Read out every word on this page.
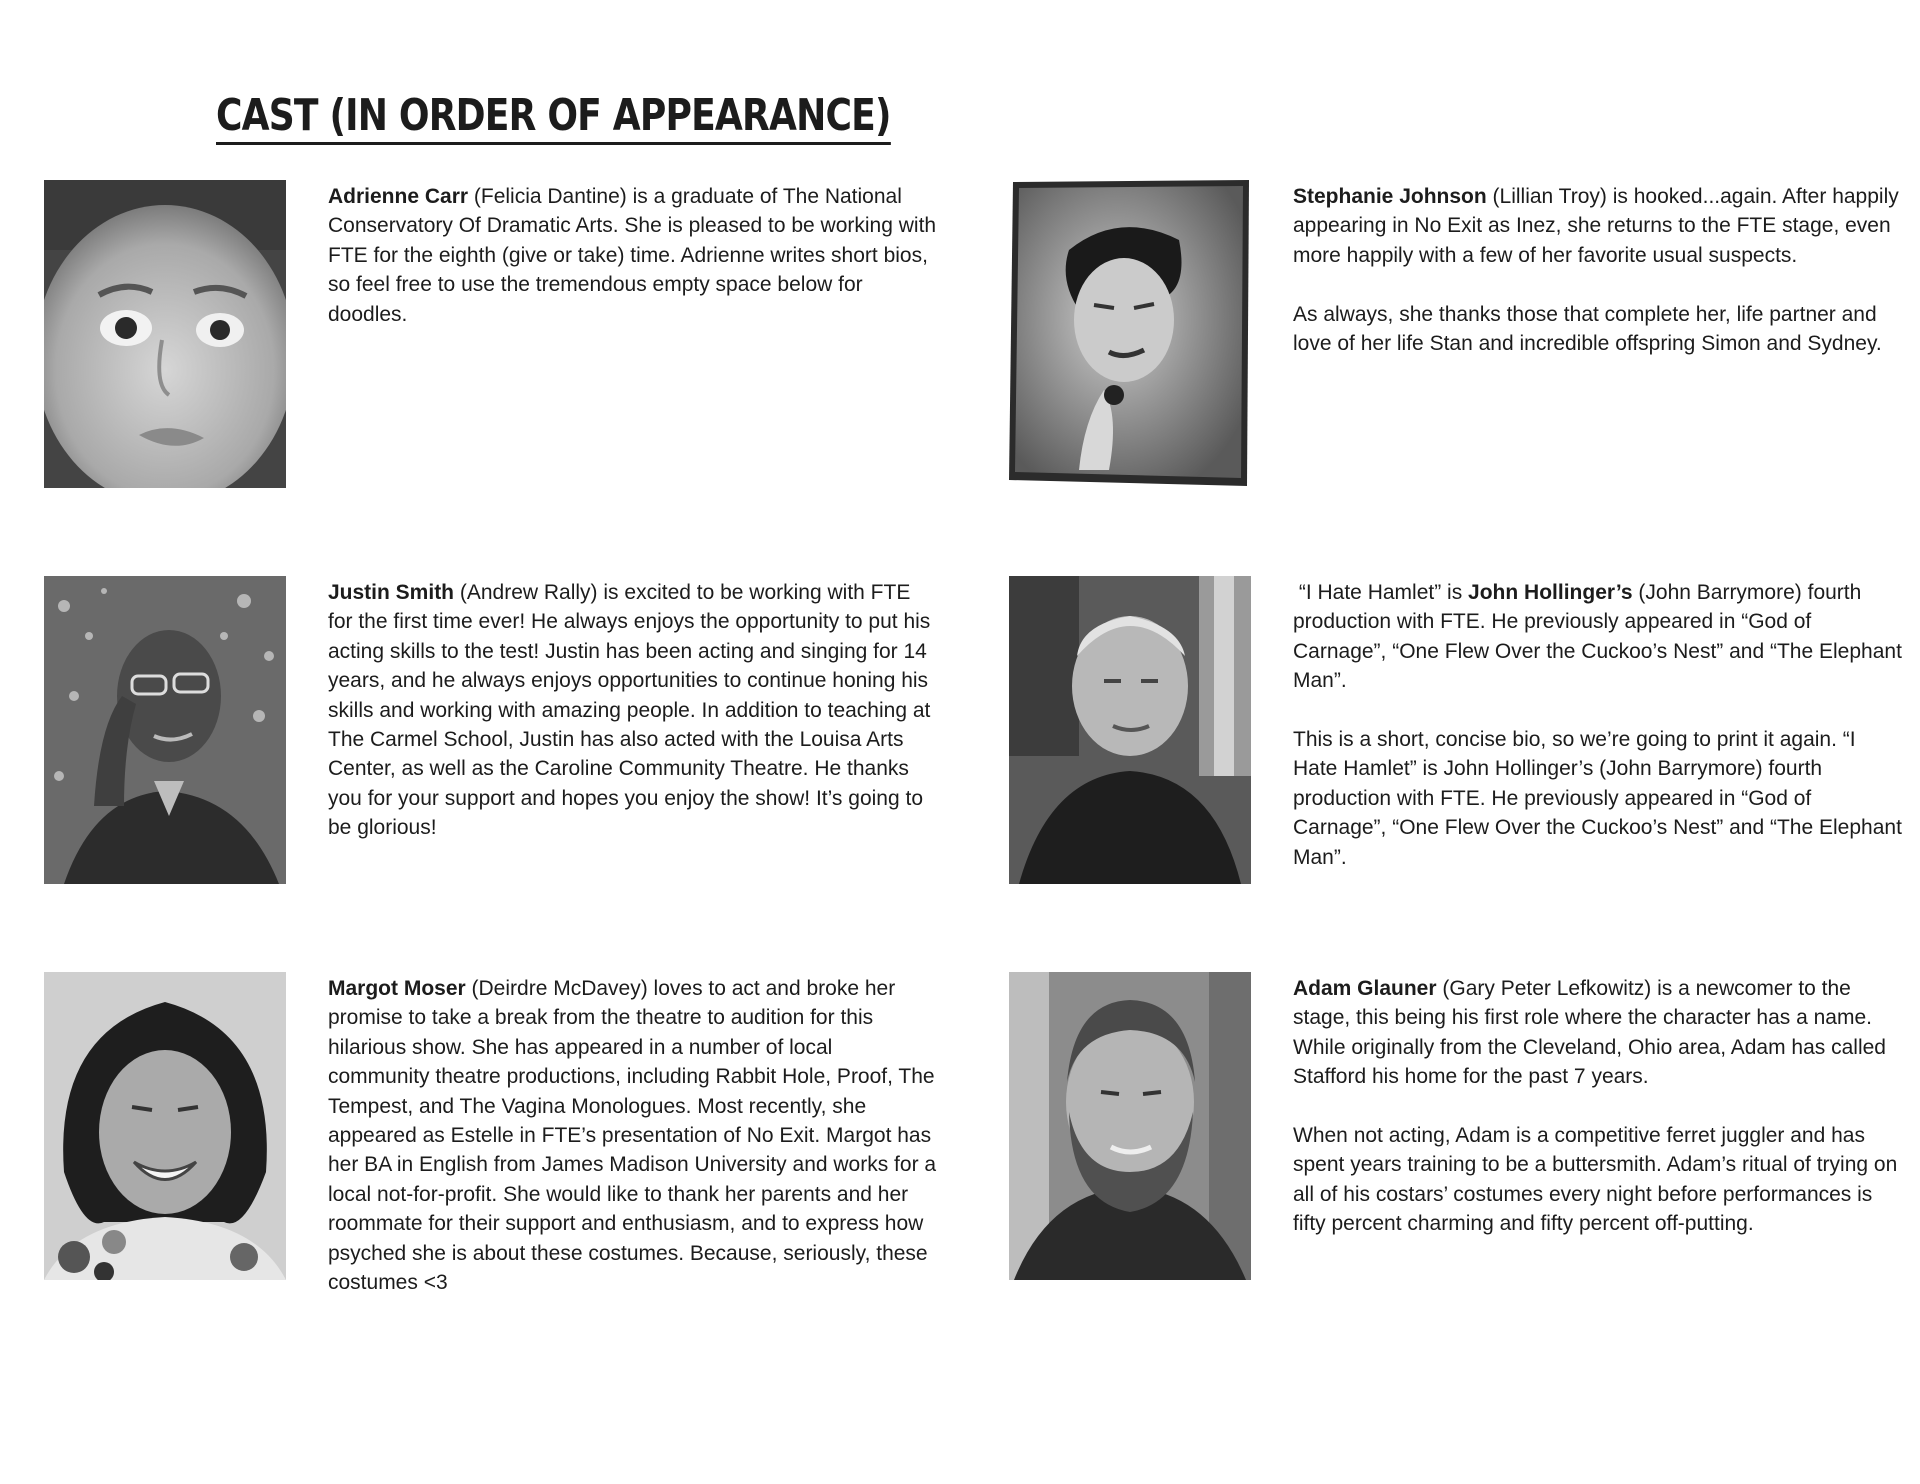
CAST (IN ORDER OF APPEARANCE)

Adrienne Carr (Felicia Dantine) is a graduate of The National Conservatory Of Dramatic Arts. She is pleased to be working with FTE for the eighth (give or take) time. Adrienne writes short bios, so feel free to use the tremendous empty space below for doodles.

Stephanie Johnson (Lillian Troy) is hooked...again. After happily appearing in No Exit as Inez, she returns to the FTE stage, even more happily with a few of her favorite usual suspects.

As always, she thanks those that complete her, life partner and love of her life Stan and incredible offspring Simon and Sydney.

Justin Smith (Andrew Rally) is excited to be working with FTE for the first time ever! He always enjoys the opportunity to put his acting skills to the test! Justin has been acting and singing for 14 years, and he always enjoys opportunities to continue honing his skills and working with amazing people. In addition to teaching at The Carmel School, Justin has also acted with the Louisa Arts Center, as well as the Caroline Community Theatre. He thanks you for your support and hopes you enjoy the show! It’s going to be glorious!

“I Hate Hamlet” is John Hollinger’s (John Barrymore) fourth production with FTE. He previously appeared in “God of Carnage”, “One Flew Over the Cuckoo’s Nest” and “The Elephant Man”.

This is a short, concise bio, so we’re going to print it again. “I Hate Hamlet” is John Hollinger’s (John Barrymore) fourth production with FTE. He previously appeared in “God of Carnage”, “One Flew Over the Cuckoo’s Nest” and “The Elephant Man”.

Margot Moser (Deirdre McDavey) loves to act and broke her promise to take a break from the theatre to audition for this hilarious show. She has appeared in a number of local community theatre productions, including Rabbit Hole, Proof, The Tempest, and The Vagina Monologues. Most recently, she appeared as Estelle in FTE’s presentation of No Exit. Margot has her BA in English from James Madison University and works for a local not-for-profit. She would like to thank her parents and her roommate for their support and enthusiasm, and to express how psyched she is about these costumes. Because, seriously, these costumes <3

Adam Glauner (Gary Peter Lefkowitz) is a newcomer to the stage, this being his first role where the character has a name. While originally from the Cleveland, Ohio area, Adam has called Stafford his home for the past 7 years.

When not acting, Adam is a competitive ferret juggler and has spent years training to be a buttersmith. Adam’s ritual of trying on all of his costars’ costumes every night before performances is fifty percent charming and fifty percent off-putting.
